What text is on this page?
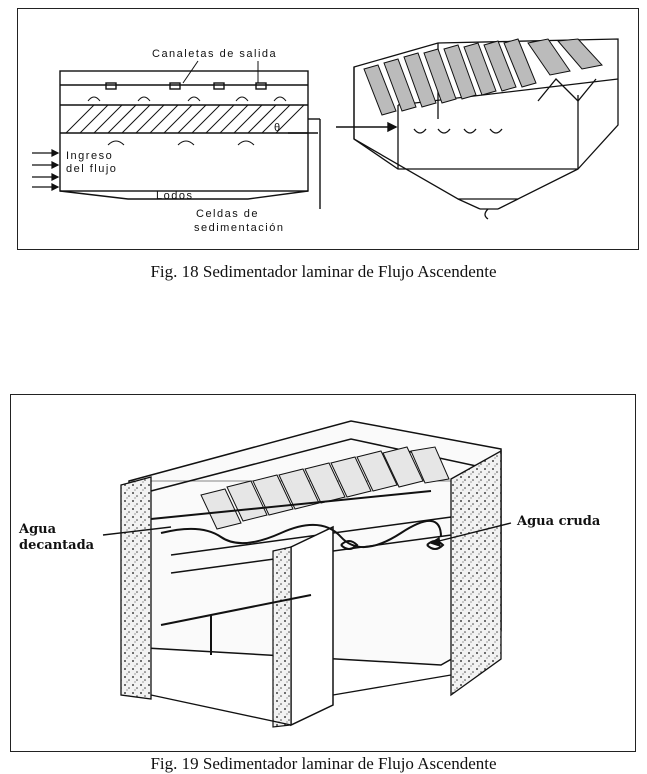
Canaletas de salida
θ
Ingreso
del flujo
Lodos
Celdas de
sedimentación
Fig. 18 Sedimentador laminar de Flujo Ascendente
Agua
decantada
Agua cruda
Fig. 19 Sedimentador laminar de Flujo Ascendente
